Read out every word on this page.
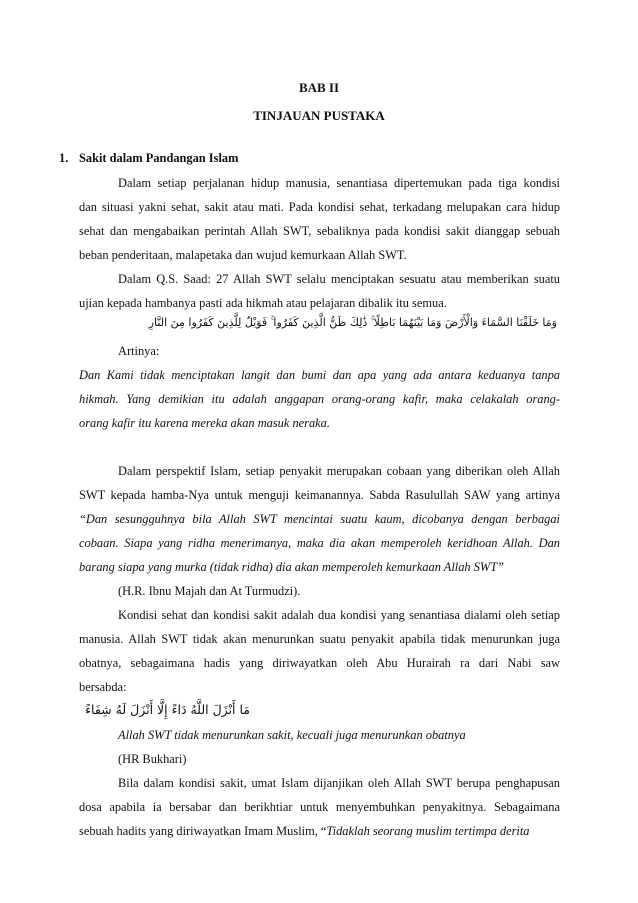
BAB II
TINJAUAN PUSTAKA
1. Sakit dalam Pandangan Islam
Dalam setiap perjalanan hidup manusia, senantiasa dipertemukan pada tiga kondisi
dan situasi yakni sehat, sakit atau mati. Pada kondisi sehat, terkadang melupakan cara hidup
sehat dan mengabaikan perintah Allah SWT, sebaliknya pada kondisi sakit dianggap sebuah
beban penderitaan, malapetaka dan wujud kemurkaan Allah SWT.
Dalam Q.S. Saad: 27 Allah SWT selalu menciptakan sesuatu atau memberikan suatu
ujian kepada hambanya pasti ada hikmah atau pelajaran dibalik itu semua.
وَمَا خَلَقْنَا السَّمَاءَ وَالْأَرْضَ وَمَا بَيْنَهُمَا بَاطِلًا ۚ ذَٰلِكَ ظَنُّ الَّذِينَ كَفَرُوا ۚ فَوَيْلٌ لِلَّذِينَ كَفَرُوا مِنَ النَّارِ
Artinya:
Dan Kami tidak menciptakan langit dan bumi dan apa yang ada antara keduanya tanpa
hikmah. Yang demikian itu adalah anggapan orang-orang kafir, maka celakalah orang-
orang kafir itu karena mereka akan masuk neraka.
Dalam perspektif Islam, setiap penyakit merupakan cobaan yang diberikan oleh Allah
SWT kepada hamba-Nya untuk menguji keimanannya. Sabda Rasulullah SAW yang artinya
“Dan sesungguhnya bila Allah SWT mencintai suatu kaum, dicobanya dengan berbagai
cobaan. Siapa yang ridha menerimanya, maka dia akan memperoleh keridhoan Allah. Dan
barang siapa yang murka (tidak ridha) dia akan memperoleh kemurkaan Allah SWT”
(H.R. Ibnu Majah dan At Turmudzi).
Kondisi sehat dan kondisi sakit adalah dua kondisi yang senantiasa dialami oleh setiap
manusia. Allah SWT tidak akan menurunkan suatu penyakit apabila tidak menurunkan juga
obatnya, sebagaimana hadis yang diriwayatkan oleh Abu Hurairah ra dari Nabi saw
bersabda:
مَا أَنْزَلَ اللَّهُ دَاءً إِلَّا أَنْزَلَ لَهُ شِفَاءً
Allah SWT tidak menurunkan sakit, kecuali juga menurunkan obatnya
(HR Bukhari)
Bila dalam kondisi sakit, umat Islam dijanjikan oleh Allah SWT berupa penghapusan
dosa apabila ia bersabar dan berikhtiar untuk menyembuhkan penyakitnya. Sebagaimana
sebuah hadits yang diriwayatkan Imam Muslim, “Tidaklah seorang muslim tertimpa derita
